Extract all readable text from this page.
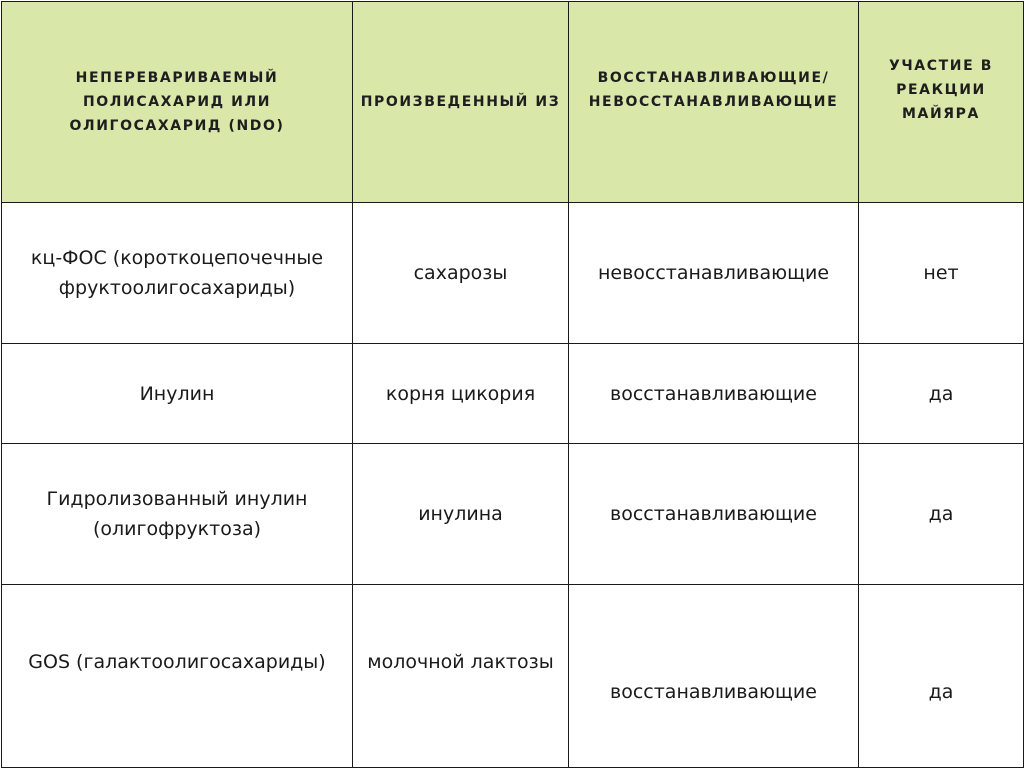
НЕПЕРЕВАРИВАЕМЫЙ ПОЛИСАХАРИД ИЛИ ОЛИГОСАХАРИД (NDO)	ПРОИЗВЕДЕННЫЙ ИЗ	ВОССТАНАВЛИВАЮЩИЕ/ НЕВОССТАНАВЛИВАЮЩИЕ	УЧАСТИЕ В РЕАКЦИИ МАЙЯРА
кц-ФОС (короткоцепочечные фруктоолигосахариды)	сахарозы	невосстанавливающие	нет
Инулин	корня цикория	восстанавливающие	да
Гидролизованный инулин (олигофруктоза)	инулина	восстанавливающие	да
GOS (галактоолигосахариды)	молочной лактозы	восстанавливающие	да
